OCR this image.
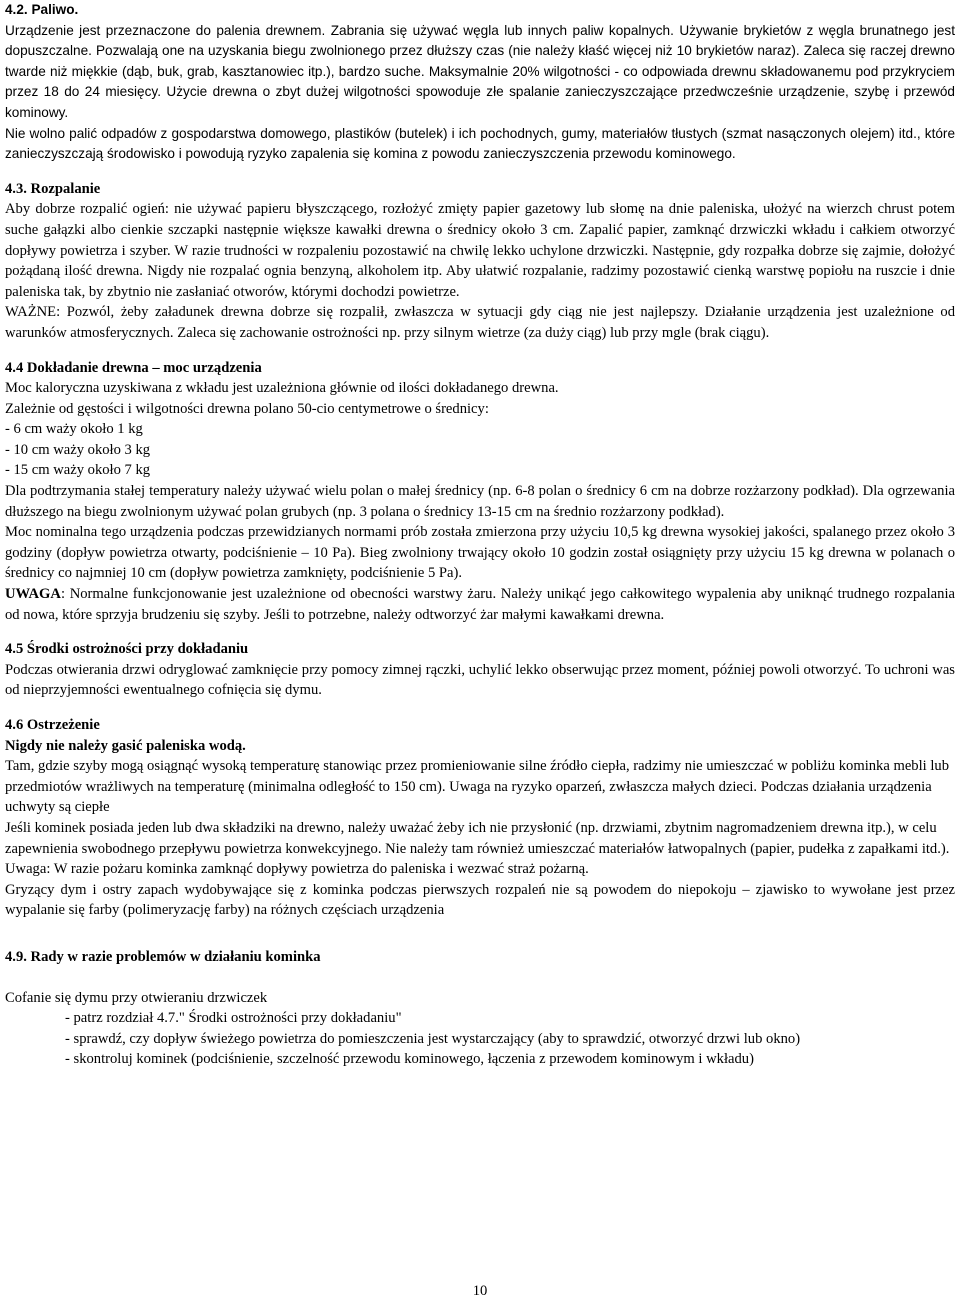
4.2. Paliwo.

Urządzenie jest przeznaczone do palenia drewnem. Zabrania się używać węgla lub innych paliw kopalnych. Używanie brykietów z węgla brunatnego jest dopuszczalne. Pozwalają one na uzyskania biegu zwolnionego przez dłuższy czas (nie należy kłaść więcej niż 10 brykietów naraz). Zaleca się raczej drewno twarde niż miękkie (dąb, buk, grab, kasztanowiec itp.), bardzo suche. Maksymalnie 20% wilgotności - co odpowiada drewnu składowanemu pod przykryciem przez 18 do 24 miesięcy. Użycie drewna o zbyt dużej wilgotności spowoduje złe spalanie zanieczyszczające przedwcześnie urządzenie, szybę i przewód kominowy.

Nie wolno palić odpadów z gospodarstwa domowego, plastików (butelek) i ich pochodnych, gumy, materiałów tłustych (szmat nasączonych olejem) itd., które zanieczyszczają środowisko i powodują ryzyko zapalenia się komina z powodu zanieczyszczenia przewodu kominowego.

4.3. Rozpalanie

Aby dobrze rozpalić ogień: nie używać papieru błyszczącego, rozłożyć zmięty papier gazetowy lub słomę na dnie paleniska, ułożyć na wierzch chrust potem suche gałązki albo cienkie szczapki następnie większe kawałki drewna o średnicy około 3 cm. Zapalić papier, zamknąć drzwiczki wkładu i całkiem otworzyć dopływy powietrza i szyber. W razie trudności w rozpaleniu pozostawić na chwilę lekko uchylone drzwiczki. Następnie, gdy rozpałka dobrze się zajmie, dołożyć pożądaną ilość drewna. Nigdy nie rozpalać ognia benzyną, alkoholem itp. Aby ułatwić rozpalanie, radzimy pozostawić cienką warstwę popiołu na ruszcie i dnie paleniska tak, by zbytnio nie zasłaniać otworów, którymi dochodzi powietrze.

WAŻNE: Pozwól, żeby załadunek drewna dobrze się rozpalił, zwłaszcza w sytuacji gdy ciąg nie jest najlepszy. Działanie urządzenia jest uzależnione od warunków atmosferycznych. Zaleca się zachowanie ostrożności np. przy silnym wietrze (za duży ciąg) lub przy mgle (brak ciągu).

4.4 Dokładanie drewna – moc urządzenia

Moc kaloryczna uzyskiwana z wkładu jest uzależniona głównie od ilości dokładanego drewna.

Zależnie od gęstości i wilgotności drewna polano 50-cio centymetrowe o średnicy:

- 6 cm waży około 1 kg
- 10 cm waży około 3 kg
- 15 cm waży około 7 kg

Dla podtrzymania stałej temperatury należy używać wielu polan o małej średnicy (np. 6-8 polan o średnicy 6 cm na dobrze rozżarzony podkład). Dla ogrzewania dłuższego na biegu zwolnionym używać polan grubych (np. 3 polana o średnicy 13-15 cm na średnio rozżarzony podkład).

Moc nominalna tego urządzenia podczas przewidzianych normami prób została zmierzona przy użyciu 10,5 kg drewna wysokiej jakości, spalanego przez około 3 godziny (dopływ powietrza otwarty, podciśnienie – 10 Pa). Bieg zwolniony trwający około 10 godzin został osiągnięty przy użyciu 15 kg drewna w polanach o średnicy co najmniej 10 cm (dopływ powietrza zamknięty, podciśnienie 5 Pa).

UWAGA: Normalne funkcjonowanie jest uzależnione od obecności warstwy żaru. Należy unikąć jego całkowitego wypalenia aby uniknąć trudnego rozpalania od nowa, które sprzyja brudzeniu się szyby. Jeśli to potrzebne, należy odtworzyć żar małymi kawałkami drewna.

4.5 Środki ostrożności przy dokładaniu

Podczas otwierania drzwi odryglować zamknięcie przy pomocy zimnej rączki, uchylić lekko obserwując przez moment, później powoli otworzyć. To uchroni was od nieprzyjemności ewentualnego cofnięcia się dymu.

4.6 Ostrzeżenie

Nigdy nie należy gasić paleniska wodą.

Tam, gdzie szyby mogą osiągnąć wysoką temperaturę stanowiąc przez promieniowanie silne źródło ciepła, radzimy nie umieszczać w pobliżu kominka mebli lub przedmiotów wrażliwych na temperaturę (minimalna odległość to 150 cm). Uwaga na ryzyko oparzeń, zwłaszcza małych dzieci. Podczas działania urządzenia uchwyty są ciepłe

Jeśli kominek posiada jeden lub dwa składziki na drewno, należy uważać żeby ich nie przysłonić (np. drzwiami, zbytnim nagromadzeniem drewna itp.), w celu zapewnienia swobodnego przepływu powietrza konwekcyjnego. Nie należy tam również umieszczać materiałów łatwopalnych (papier, pudełka z zapałkami itd.).

Uwaga: W razie pożaru kominka zamknąć dopływy powietrza do paleniska i wezwać straż pożarną.

Gryzący dym i ostry zapach wydobywające się z kominka podczas pierwszych rozpaleń nie są powodem do niepokoju – zjawisko to wywołane jest przez wypalanie się farby (polimeryzację farby) na różnych częściach urządzenia

4.9. Rady w razie problemów w działaniu kominka

Cofanie się dymu przy otwieraniu drzwiczek

- patrz rozdział 4.7." Środki ostrożności przy dokładaniu"
- sprawdź, czy dopływ świeżego powietrza do pomieszczenia jest wystarczający (aby to sprawdzić, otworzyć drzwi lub okno)
- skontroluj kominek (podciśnienie, szczelność przewodu kominowego, łączenia z przewodem kominowym i wkładu)
10
